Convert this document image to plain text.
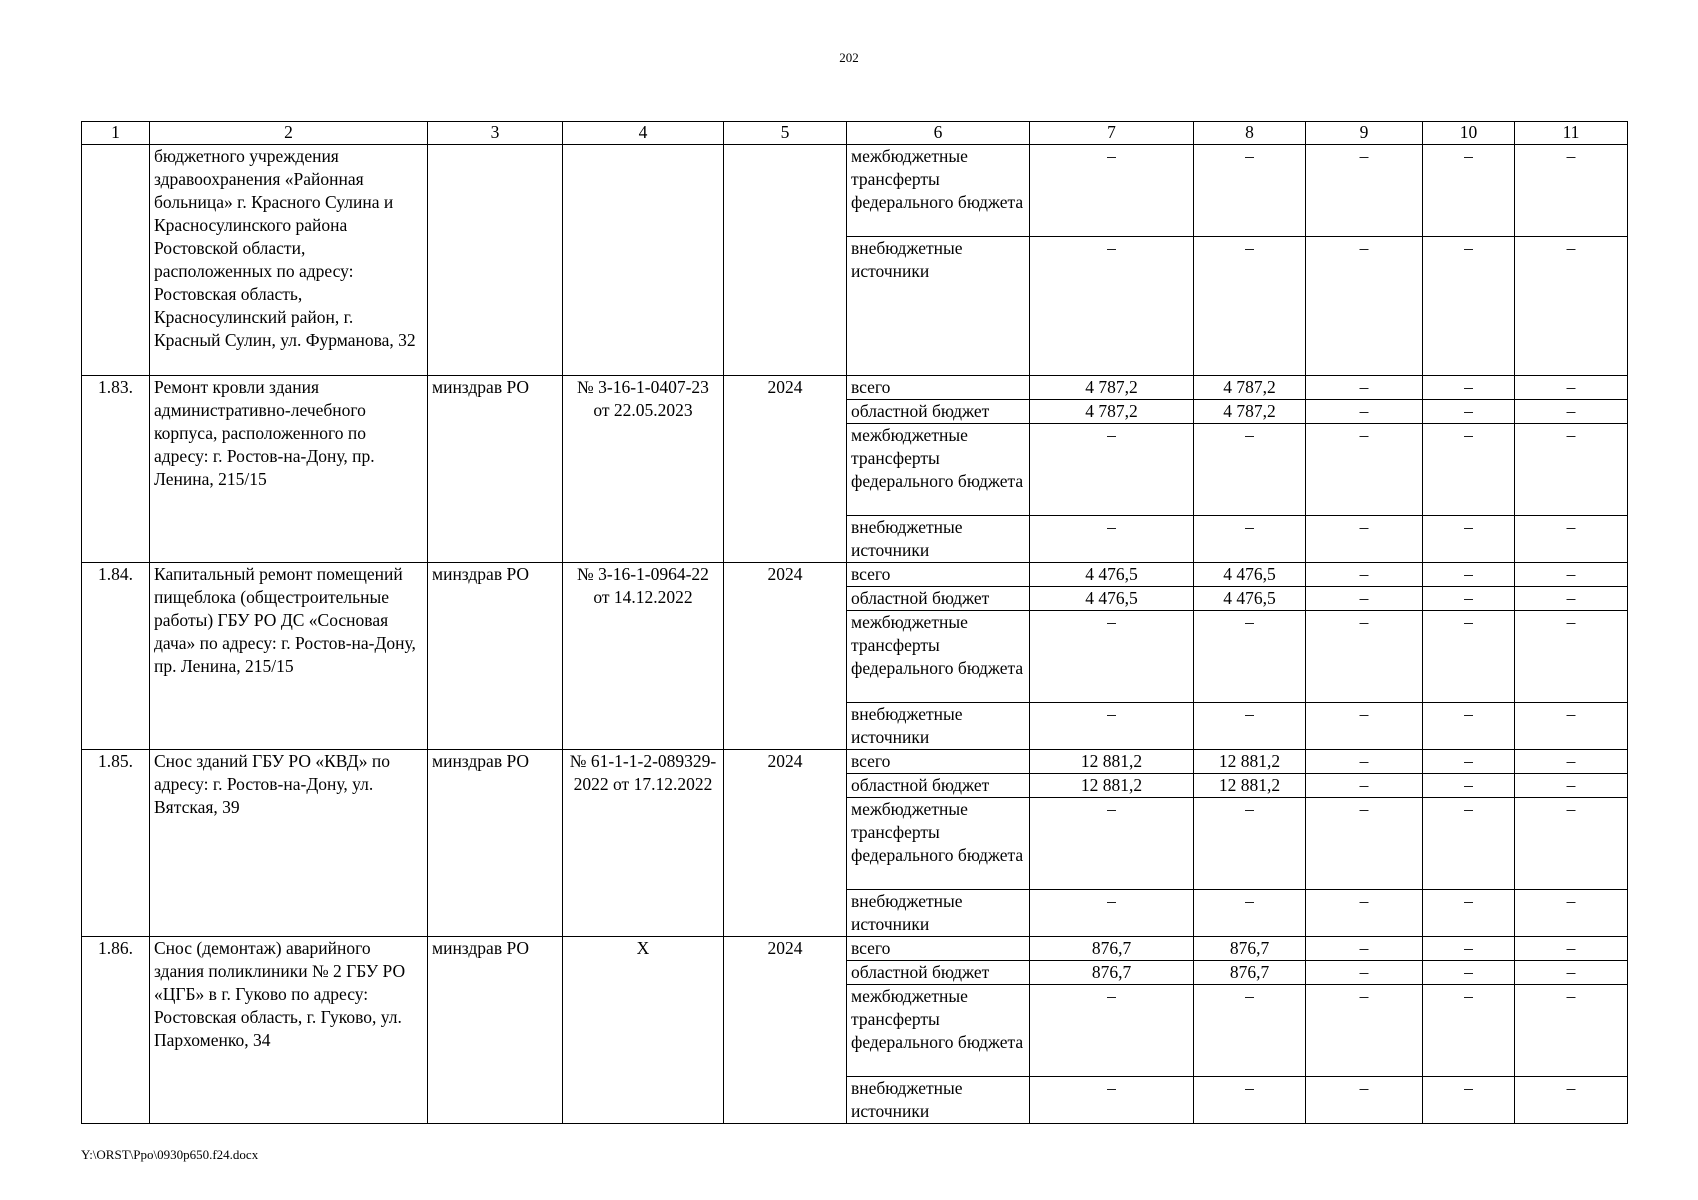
202
1	2	3	4	5	6	7	8	9	10	11
	бюджетного учреждения здравоохранения «Районная больница» г. Красного Сулина и Красносулинского района Ростовской области, расположенных по адресу: Ростовская область, Красносулинский район, г. Красный Сулин, ул. Фурманова, 32				межбюджетные трансферты федерального бюджета	–	–	–	–	–
					внебюджетные источники	–	–	–	–	–
1.83.	Ремонт кровли здания административно-лечебного корпуса, расположенного по адресу: г. Ростов-на-Дону, пр. Ленина, 215/15	минздрав РО	№ 3-16-1-0407-23 от 22.05.2023	2024	всего	4 787,2	4 787,2	–	–	–
					областной бюджет	4 787,2	4 787,2	–	–	–
					межбюджетные трансферты федерального бюджета	–	–	–	–	–
					внебюджетные источники	–	–	–	–	–
1.84.	Капитальный ремонт помещений пищеблока (общестроительные работы) ГБУ РО ДС «Сосновая дача» по адресу: г. Ростов-на-Дону, пр. Ленина, 215/15	минздрав РО	№ 3-16-1-0964-22 от 14.12.2022	2024	всего	4 476,5	4 476,5	–	–	–
					областной бюджет	4 476,5	4 476,5	–	–	–
					межбюджетные трансферты федерального бюджета	–	–	–	–	–
					внебюджетные источники	–	–	–	–	–
1.85.	Снос зданий ГБУ РО «КВД» по адресу: г. Ростов-на-Дону, ул. Вятская, 39	минздрав РО	№ 61-1-1-2-089329-2022 от 17.12.2022	2024	всего	12 881,2	12 881,2	–	–	–
					областной бюджет	12 881,2	12 881,2	–	–	–
					межбюджетные трансферты федерального бюджета	–	–	–	–	–
					внебюджетные источники	–	–	–	–	–
1.86.	Снос (демонтаж) аварийного здания поликлиники № 2 ГБУ РО «ЦГБ» в г. Гуково по адресу: Ростовская область, г. Гуково, ул. Пархоменко, 34	минздрав РО	Х	2024	всего	876,7	876,7	–	–	–
					областной бюджет	876,7	876,7	–	–	–
					межбюджетные трансферты федерального бюджета	–	–	–	–	–
					внебюджетные источники	–	–	–	–	–
Y:\ORST\Ppo\0930p650.f24.docx
